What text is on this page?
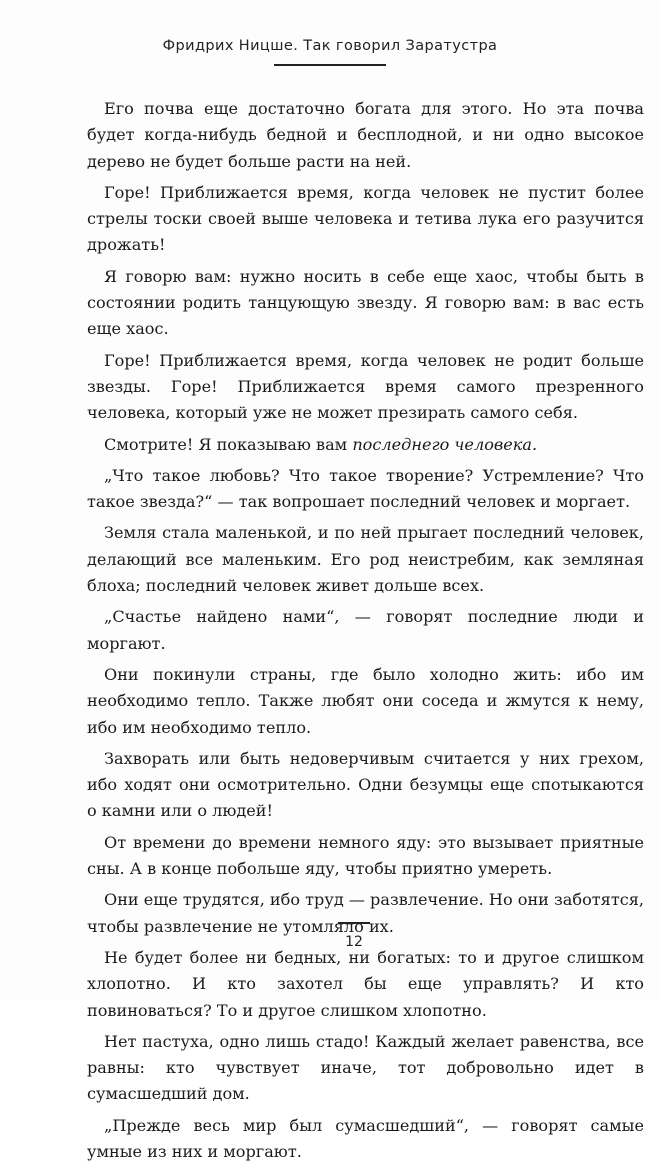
Фридрих Ницше. Так говорил Заратустра

Его почва еще достаточно богата для этого. Но эта почва будет когда-нибудь бедной и бесплодной, и ни одно высокое дерево не будет больше расти на ней.

Горе! Приближается время, когда человек не пустит более стрелы тоски своей выше человека и тетива лука его разучится дрожать!

Я говорю вам: нужно носить в себе еще хаос, чтобы быть в состоянии родить танцующую звезду. Я говорю вам: в вас есть еще хаос.

Горе! Приближается время, когда человек не родит больше звезды. Горе! Приближается время самого презренного человека, который уже не может презирать самого себя.

Смотрите! Я показываю вам последнего человека.

„Что такое любовь? Что такое творение? Устремление? Что такое звезда?“ — так вопрошает последний человек и моргает.

Земля стала маленькой, и по ней прыгает последний человек, делающий все маленьким. Его род неистребим, как земляная блоха; последний человек живет дольше всех.

„Счастье найдено нами“, — говорят последние люди и моргают.

Они покинули страны, где было холодно жить: ибо им необходимо тепло. Также любят они соседа и жмутся к нему, ибо им необходимо тепло.

Захворать или быть недоверчивым считается у них грехом, ибо ходят они осмотрительно. Одни безумцы еще спотыкаются о камни или о людей!

От времени до времени немного яду: это вызывает приятные сны. А в конце побольше яду, чтобы приятно умереть.

Они еще трудятся, ибо труд — развлечение. Но они заботятся, чтобы развлечение не утомляло их.

Не будет более ни бедных, ни богатых: то и другое слишком хлопотно. И кто захотел бы еще управлять? И кто повиноваться? То и другое слишком хлопотно.

Нет пастуха, одно лишь стадо! Каждый желает равенства, все равны: кто чувствует иначе, тот добровольно идет в сумасшедший дом.

„Прежде весь мир был сумасшедший“, — говорят самые умные из них и моргают.

12
